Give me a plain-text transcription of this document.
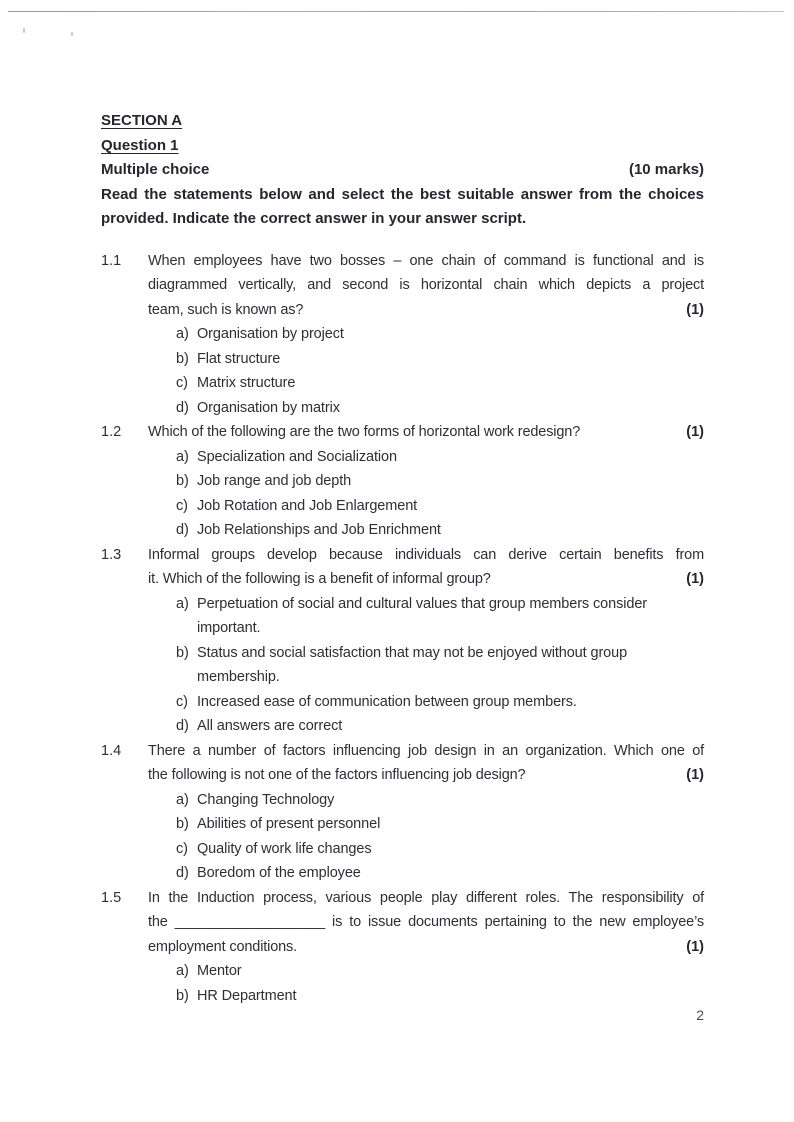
SECTION A
Question 1
Multiple choice	(10 marks)
Read the statements below and select the best suitable answer from the choices
provided. Indicate the correct answer in your answer script.
1.1	When employees have two bosses – one chain of command is functional and is
diagrammed vertically, and second is horizontal chain which depicts a project
team, such is known as?	(1)
a) Organisation by project
b) Flat structure
c) Matrix structure
d) Organisation by matrix
1.2	Which of the following are the two forms of horizontal work redesign?	(1)
a) Specialization and Socialization
b) Job range and job depth
c) Job Rotation and Job Enlargement
d) Job Relationships and Job Enrichment
1.3	Informal groups develop because individuals can derive certain benefits from
it. Which of the following is a benefit of informal group?	(1)
a) Perpetuation of social and cultural values that group members consider important.
b) Status and social satisfaction that may not be enjoyed without group membership.
c) Increased ease of communication between group members.
d) All answers are correct
1.4	There a number of factors influencing job design in an organization. Which one of
the following is not one of the factors influencing job design?	(1)
a) Changing Technology
b) Abilities of present personnel
c) Quality of work life changes
d) Boredom of the employee
1.5	In the Induction process, various people play different roles. The responsibility of
the ___________________ is to issue documents pertaining to the new employee’s
employment conditions.	(1)
a) Mentor
b) HR Department
2
